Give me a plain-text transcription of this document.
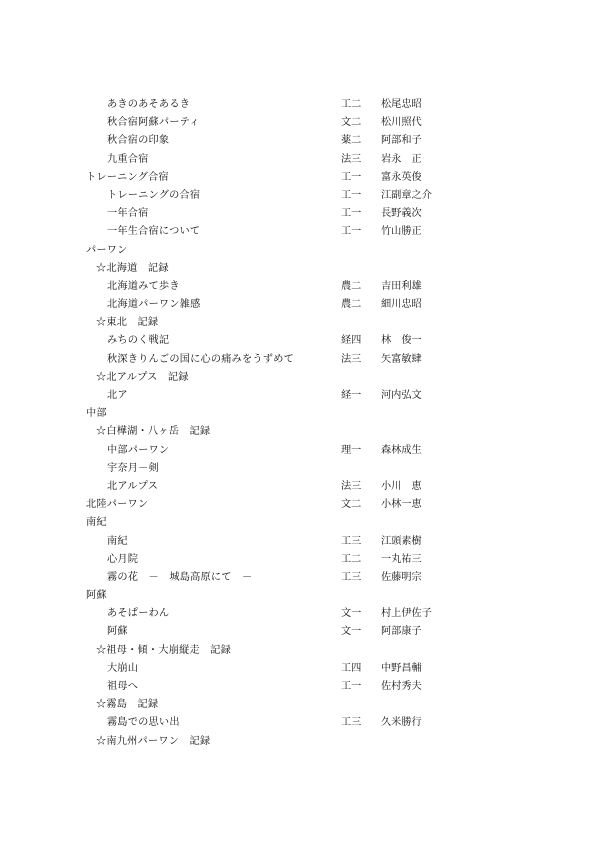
あきのあそあるき	工二 松尾忠昭
秋合宿阿蘇パーティ	文二 松川照代
秋合宿の印象	薬二 阿部和子
九重合宿	法三 岩永　正
トレーニング合宿	工一 富永英俊
トレーニングの合宿	工一 江副章之介
一年合宿	工一 長野義次
一年生合宿について	工一 竹山勝正
パーワン
☆北海道　記録
北海道みて歩き	農二 吉田利雄
北海道パーワン雑感	農二 細川忠昭
☆東北　記録
みちのく戦記	経四 林　俊一
秋深きりんごの国に心の痛みをうずめて	法三 矢富敏肆
☆北アルプス　記録
北ア	経一 河内弘文
中部
☆白樺湖・八ヶ岳　記録
中部パーワン	理一 森林成生
宇奈月－剣
北アルプス	法三 小川　恵
北陸パーワン	文二 小林一恵
南紀
南紀	工三 江頭素樹
心月院	工二 一丸祐三
霧の花　－　城島高原にて　－	工三 佐藤明宗
阿蘇
あそぱーわん	文一 村上伊佐子
阿蘇	文一 阿部康子
☆祖母・傾・大崩縦走　記録
大崩山	工四 中野昌輔
祖母へ	工一 佐村秀夫
☆霧島　記録
霧島での思い出	工三 久米勝行
☆南九州パーワン　記録
